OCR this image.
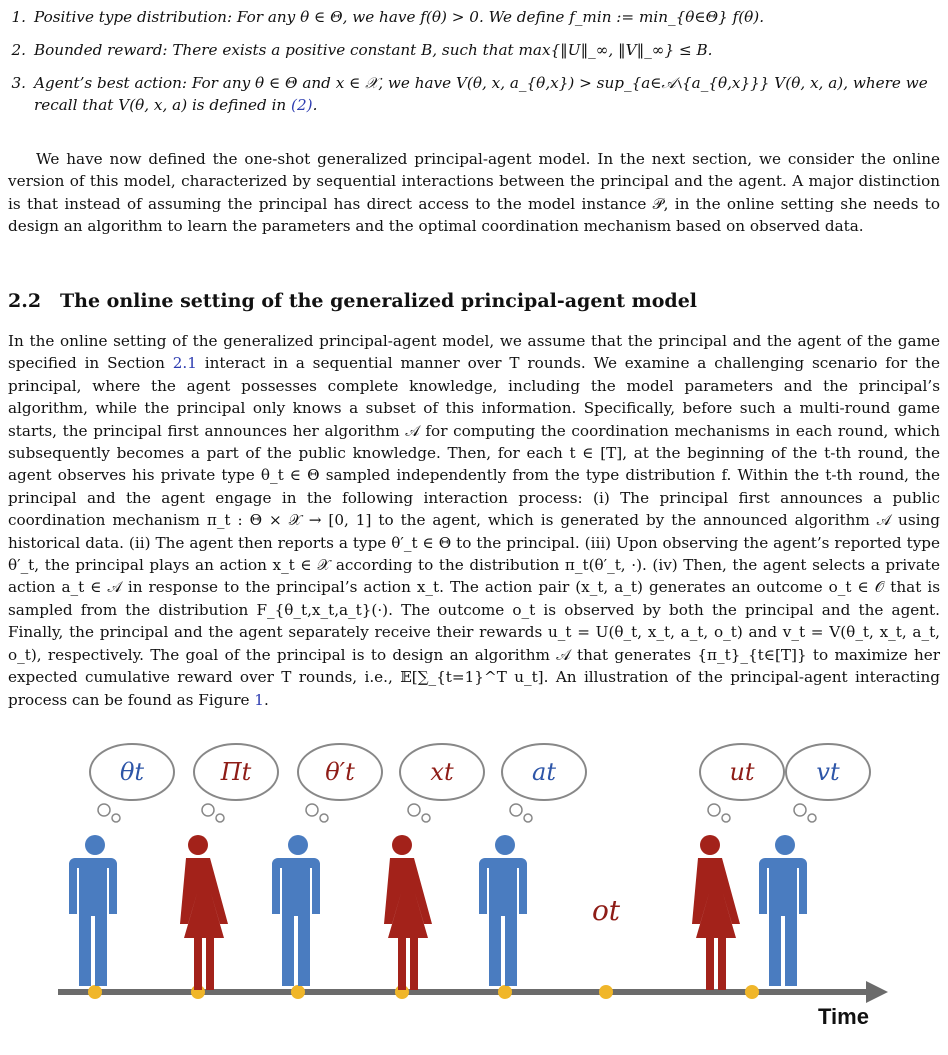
1. Positive type distribution: For any θ ∈ Θ, we have f(θ) > 0. We define f_min := min_{θ∈Θ} f(θ).
2. Bounded reward: There exists a positive constant B, such that max{‖U‖_∞, ‖V‖_∞} ≤ B.
3. Agent’s best action: For any θ ∈ Θ and x ∈ 𝒳, we have V(θ, x, a_{θ,x}) > sup_{a∈𝒜∖{a_{θ,x}}} V(θ, x, a), where we recall that V(θ, x, a) is defined in (2).

We have now defined the one-shot generalized principal-agent model. In the next section, we consider the online version of this model, characterized by sequential interactions between the principal and the agent. A major distinction is that instead of assuming the principal has direct access to the model instance 𝒫, in the online setting she needs to design an algorithm to learn the parameters and the optimal coordination mechanism based on observed data.

2.2 The online setting of the generalized principal-agent model

In the online setting of the generalized principal-agent model, we assume that the principal and the agent of the game specified in Section 2.1 interact in a sequential manner over T rounds. We examine a challenging scenario for the principal, where the agent possesses complete knowledge, including the model parameters and the principal’s algorithm, while the principal only knows a subset of this information. Specifically, before such a multi-round game starts, the principal first announces her algorithm 𝒜 for computing the coordination mechanisms in each round, which subsequently becomes a part of the public knowledge. Then, for each t ∈ [T], at the beginning of the t-th round, the agent observes his private type θ_t ∈ Θ sampled independently from the type distribution f. Within the t-th round, the principal and the agent engage in the following interaction process: (i) The principal first announces a public coordination mechanism π_t : Θ × 𝒳 → [0, 1] to the agent, which is generated by the announced algorithm 𝒜 using historical data. (ii) The agent then reports a type θ′_t ∈ Θ to the principal. (iii) Upon observing the agent’s reported type θ′_t, the principal plays an action x_t ∈ 𝒳 according to the distribution π_t(θ′_t, ·). (iv) Then, the agent selects a private action a_t ∈ 𝒜 in response to the principal’s action x_t. The action pair (x_t, a_t) generates an outcome o_t ∈ 𝒪 that is sampled from the distribution F_{θ_t,x_t,a_t}(·). The outcome o_t is observed by both the principal and the agent. Finally, the principal and the agent separately receive their rewards u_t = U(θ_t, x_t, a_t, o_t) and v_t = V(θ_t, x_t, a_t, o_t), respectively. The goal of the principal is to design an algorithm 𝒜 that generates {π_t}_{t∈[T]} to maximize her expected cumulative reward over T rounds, i.e., 𝔼[∑_{t=1}^T u_t]. An illustration of the principal-agent interacting process can be found as Figure 1.

θt	Πt	θ′t	xt	at	ut	vt
ot
Time
